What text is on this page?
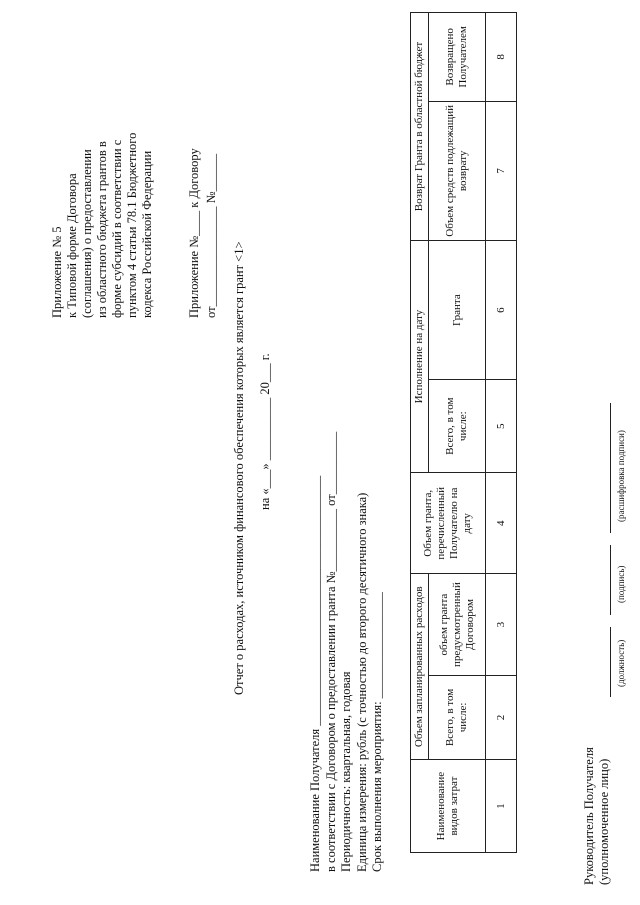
Приложение № 5 к Типовой форме Договора (соглашения) о предоставлении из областного бюджета грантов в форме субсидий в соответствии с пунктом 4 статьи 78.1 Бюджетного кодекса Российской Федерации	Приложение №____ к Договору от________________ №______
Отчет о расходах, источником финансового обеспечения которых является грант <1> на «___» __________ 20___ г.
Наименование Получателя ________________________________________ в соответствии с Договором о предоставлении гранта №__________ от__________ Периодичность: квартальная, годовая Единица измерения: рубль (с точностью до второго десятичного знака) Срок выполнения мероприятия: _________________	Наименование видов затрат	Объем запланированных расходов		Объем гранта, перечисленный Получателю на дату	Исполнение на дату		Возврат Гранта в областной бюджет	
	Всего, в том числе:	объем гранта предусмотренный Договором		Всего, в том числе:	Гранта	Объем средств подлежащий возврату	Возвращено Получателем
1	2	3	4	5	6	7	8
Руководитель Получателя (уполномоченное лицо)
(должность)
(подпись)
(расшифровка подписи)
